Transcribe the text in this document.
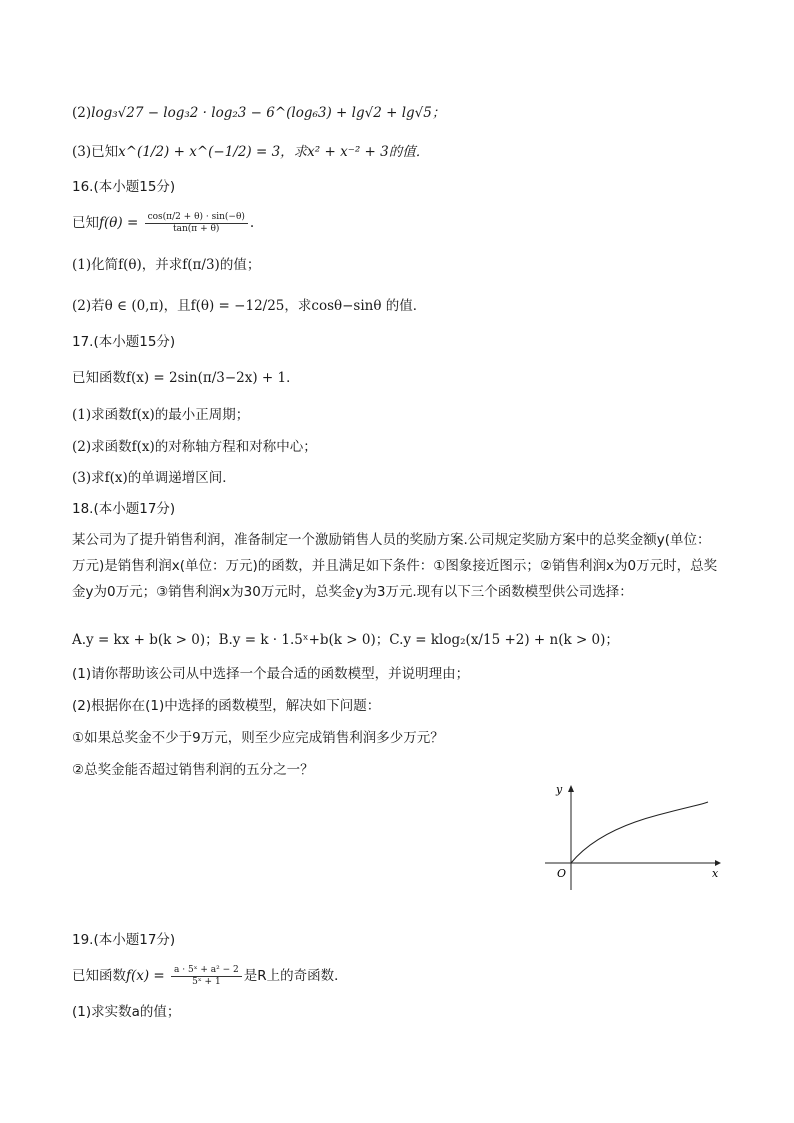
(2)log₃√27 − log₃2 · log₂3 − 6^(log₆3) + lg√2 + lg√5；
(3)已知x^(1/2) + x^(−1/2) = 3，求x² + x⁻² + 3的值．
16.(本小题15分)
已知$f(\theta) = \frac{\cos(\pi/2 + \theta) \cdot \sin(-\theta)}{\tan(\pi + \theta)}$ .
(1)化简f(θ)，并求f(π/3)的值；
(2)若θ ∈ (0,π)，且f(θ) = −12/25，求cosθ−sinθ 的值．
17.(本小题15分)
已知函数f(x) = 2sin(π/3−2x) + 1．
(1)求函数f(x)的最小正周期；
(2)求函数f(x)的对称轴方程和对称中心；
(3)求f(x)的单调递增区间．
18.(本小题17分)
某公司为了提升销售利润，准备制定一个激励销售人员的奖励方案.公司规定奖励方案中的总奖金额y(单位：万元)是销售利润x(单位：万元)的函数，并且满足如下条件：①图象接近图示；②销售利润x为0万元时，总奖金y为0万元；③销售利润x为30万元时，总奖金y为3万元.现有以下三个函数模型供公司选择：
A.y = kx + b(k > 0)；B.y = k · 1.5ˣ+b(k > 0)；C.y = klog₂(x/15 +2) + n(k > 0)；
(1)请你帮助该公司从中选择一个最合适的函数模型，并说明理由；
(2)根据你在(1)中选择的函数模型，解决如下问题：
①如果总奖金不少于9万元，则至少应完成销售利润多少万元？
②总奖金能否超过销售利润的五分之一？
y
x
O
19.(本小题17分)
已知函数$f(x) = \frac{\text{a · 5ˣ + a² − 2}}{\text{5ˣ + 1}}$ 是R上的奇函数．
(1)求实数a的值；
